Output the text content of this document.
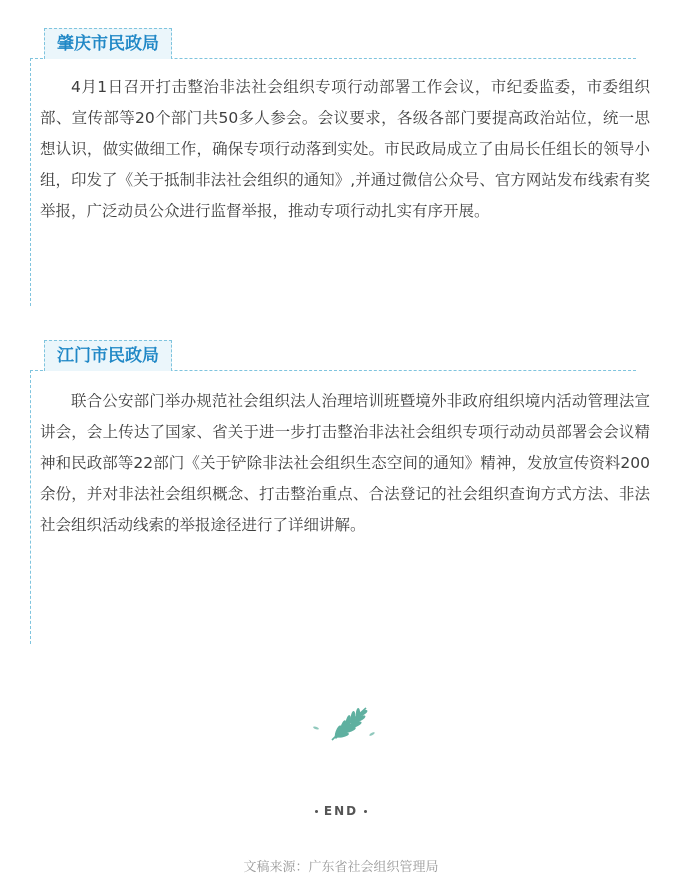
肇庆市民政局

4月1日召开打击整治非法社会组织专项行动部署工作会议，市纪委监委，市委组织部、宣传部等20个部门共50多人参会。会议要求，各级各部门要提高政治站位，统一思想认识，做实做细工作，确保专项行动落到实处。市民政局成立了由局长任组长的领导小组，印发了《关于抵制非法社会组织的通知》,并通过微信公众号、官方网站发布线索有奖举报，广泛动员公众进行监督举报，推动专项行动扎实有序开展。

江门市民政局

联合公安部门举办规范社会组织法人治理培训班暨境外非政府组织境内活动管理法宣讲会，会上传达了国家、省关于进一步打击整治非法社会组织专项行动动员部署会会议精神和民政部等22部门《关于铲除非法社会组织生态空间的通知》精神，发放宣传资料200余份，并对非法社会组织概念、打击整治重点、合法登记的社会组织查询方式方法、非法社会组织活动线索的举报途径进行了详细讲解。

END
文稿来源：广东省社会组织管理局
